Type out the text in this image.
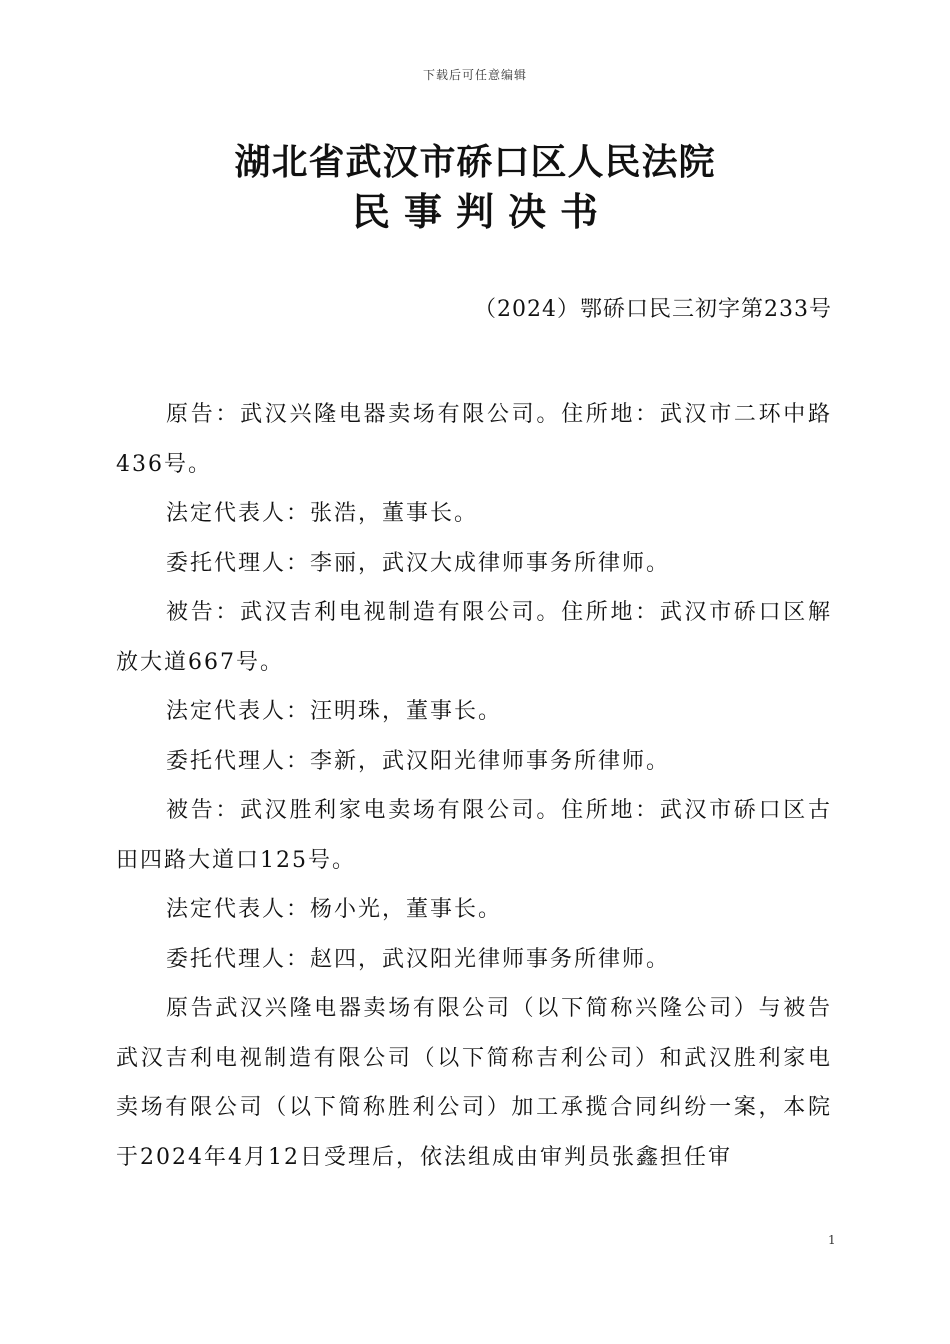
下载后可任意编辑
湖北省武汉市硚口区人民法院
民事判决书
（2024）鄂硚口民三初字第233号

原告：武汉兴隆电器卖场有限公司。住所地：武汉市二环中路436号。

法定代表人：张浩，董事长。

委托代理人：李丽，武汉大成律师事务所律师。

被告：武汉吉利电视制造有限公司。住所地：武汉市硚口区解放大道667号。

法定代表人：汪明珠，董事长。

委托代理人：李新，武汉阳光律师事务所律师。

被告：武汉胜利家电卖场有限公司。住所地：武汉市硚口区古田四路大道口125号。

法定代表人：杨小光，董事长。

委托代理人：赵四，武汉阳光律师事务所律师。

原告武汉兴隆电器卖场有限公司（以下简称兴隆公司）与被告武汉吉利电视制造有限公司（以下简称吉利公司）和武汉胜利家电卖场有限公司（以下简称胜利公司）加工承揽合同纠纷一案，本院于2024年4月12日受理后，依法组成由审判员张鑫担任审

1
